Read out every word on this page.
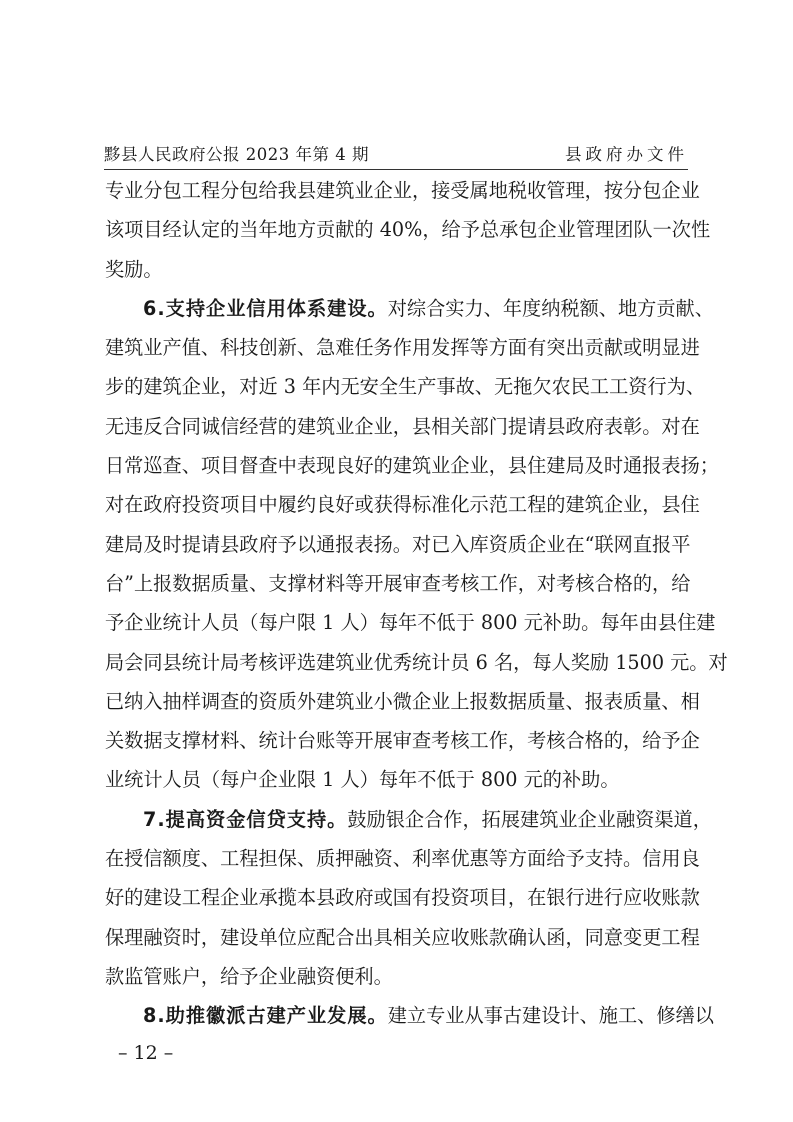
黟县人民政府公报 2023 年第 4 期	县政府办文件
专业分包工程分包给我县建筑业企业，接受属地税收管理，按分包企业
该项目经认定的当年地方贡献的 40%，给予总承包企业管理团队一次性
奖励。
6.支持企业信用体系建设。 对综合实力、年度纳税额、地方贡献、
建筑业产值、科技创新、急难任务作用发挥等方面有突出贡献或明显进
步的建筑企业，对近 3 年内无安全生产事故、无拖欠农民工工资行为、
无违反合同诚信经营的建筑业企业，县相关部门提请县政府表彰。对在
日常巡查、项目督查中表现良好的建筑业企业，县住建局及时通报表扬；
对在政府投资项目中履约良好或获得标准化示范工程的建筑企业，县住
建局及时提请县政府予以通报表扬。对已入库资质企业在“联网直报平
台”上报数据质量、支撑材料等开展审查考核工作，对考核合格的，给
予企业统计人员（每户限 1 人）每年不低于 800 元补助。每年由县住建
局会同县统计局考核评选建筑业优秀统计员 6 名，每人奖励 1500 元。对
已纳入抽样调查的资质外建筑业小微企业上报数据质量、报表质量、相
关数据支撑材料、统计台账等开展审查考核工作，考核合格的，给予企
业统计人员（每户企业限 1 人）每年不低于 800 元的补助。
7.提高资金信贷支持。 鼓励银企合作，拓展建筑业企业融资渠道，
在授信额度、工程担保、质押融资、利率优惠等方面给予支持。信用良
好的建设工程企业承揽本县政府或国有投资项目，在银行进行应收账款
保理融资时，建设单位应配合出具相关应收账款确认函，同意变更工程
款监管账户，给予企业融资便利。
8.助推徽派古建产业发展。 建立专业从事古建设计、施工、修缮以
– 12 –
